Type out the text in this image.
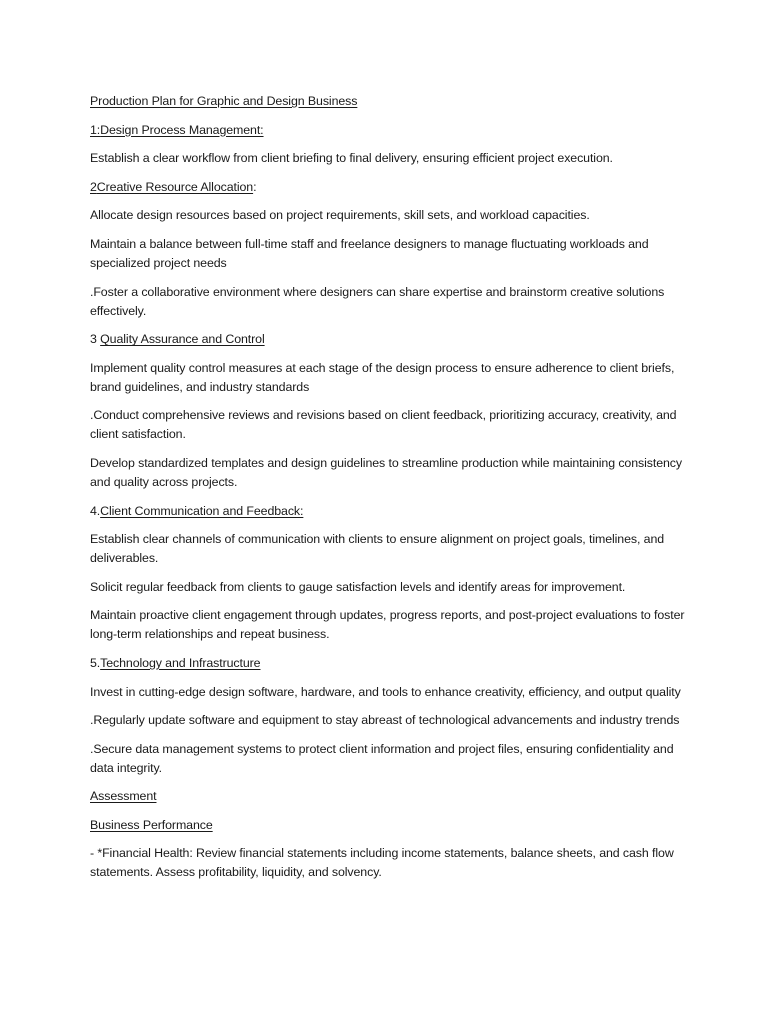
Production Plan for Graphic and Design Business

1:Design Process Management:

Establish a clear workflow from client briefing to final delivery, ensuring efficient project execution.

2Creative Resource Allocation:

Allocate design resources based on project requirements, skill sets, and workload capacities.

Maintain a balance between full-time staff and freelance designers to manage fluctuating workloads and specialized project needs

.Foster a collaborative environment where designers can share expertise and brainstorm creative solutions effectively.

3 Quality Assurance and Control

Implement quality control measures at each stage of the design process to ensure adherence to client briefs, brand guidelines, and industry standards

.Conduct comprehensive reviews and revisions based on client feedback, prioritizing accuracy, creativity, and client satisfaction.

Develop standardized templates and design guidelines to streamline production while maintaining consistency and quality across projects.

4.Client Communication and Feedback:

Establish clear channels of communication with clients to ensure alignment on project goals, timelines, and deliverables.

Solicit regular feedback from clients to gauge satisfaction levels and identify areas for improvement.

Maintain proactive client engagement through updates, progress reports, and post-project evaluations to foster long-term relationships and repeat business.

5.Technology and Infrastructure

Invest in cutting-edge design software, hardware, and tools to enhance creativity, efficiency, and output quality

.Regularly update software and equipment to stay abreast of technological advancements and industry trends

.Secure data management systems to protect client information and project files, ensuring confidentiality and data integrity.

Assessment

Business Performance

- *Financial Health: Review financial statements including income statements, balance sheets, and cash flow statements. Assess profitability, liquidity, and solvency.
